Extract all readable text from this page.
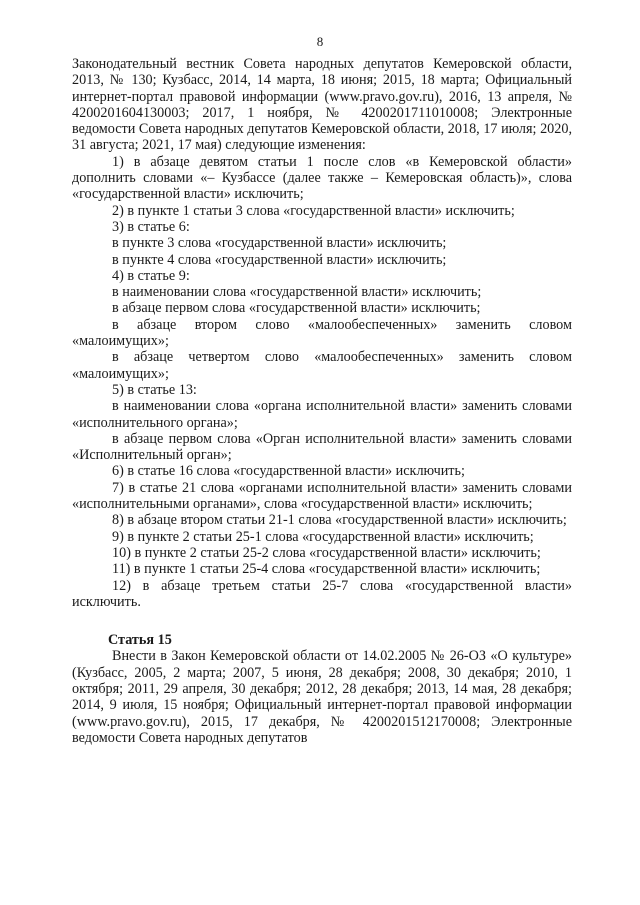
8

Законодательный вестник Совета народных депутатов Кемеровской области, 2013, № 130; Кузбасс, 2014, 14 марта, 18 июня; 2015, 18 марта; Официальный интернет-портал правовой информации (www.pravo.gov.ru), 2016, 13 апреля, № 4200201604130003; 2017, 1 ноября, № 4200201711010008; Электронные ведомости Совета народных депутатов Кемеровской области, 2018, 17 июля; 2020, 31 августа; 2021, 17 мая) следующие изменения:

1) в абзаце девятом статьи 1 после слов «в Кемеровской области» дополнить словами «– Кузбассе (далее также – Кемеровская область)», слова «государственной власти» исключить;

2) в пункте 1 статьи 3 слова «государственной власти» исключить;

3) в статье 6:

в пункте 3 слова «государственной власти» исключить;

в пункте 4 слова «государственной власти» исключить;

4) в статье 9:

в наименовании слова «государственной власти» исключить;

в абзаце первом слова «государственной власти» исключить;

в абзаце втором слово «малообеспеченных» заменить словом «малоимущих»;

в абзаце четвертом слово «малообеспеченных» заменить словом «малоимущих»;

5) в статье 13:

в наименовании слова «органа исполнительной власти» заменить словами «исполнительного органа»;

в абзаце первом слова «Орган исполнительной власти» заменить словами «Исполнительный орган»;

6) в статье 16 слова «государственной власти» исключить;

7) в статье 21 слова «органами исполнительной власти» заменить словами «исполнительными органами», слова «государственной власти» исключить;

8) в абзаце втором статьи 21-1 слова «государственной власти» исключить;

9) в пункте 2 статьи 25-1 слова «государственной власти» исключить;

10) в пункте 2 статьи 25-2 слова «государственной власти» исключить;

11) в пункте 1 статьи 25-4 слова «государственной власти» исключить;

12) в абзаце третьем статьи 25-7 слова «государственной власти» исключить.

Статья 15

Внести в Закон Кемеровской области от 14.02.2005 № 26-ОЗ «О культуре» (Кузбасс, 2005, 2 марта; 2007, 5 июня, 28 декабря; 2008, 30 декабря; 2010, 1 октября; 2011, 29 апреля, 30 декабря; 2012, 28 декабря; 2013, 14 мая, 28 декабря; 2014, 9 июля, 15 ноября; Официальный интернет-портал правовой информации (www.pravo.gov.ru), 2015, 17 декабря, № 4200201512170008; Электронные ведомости Совета народных депутатов
